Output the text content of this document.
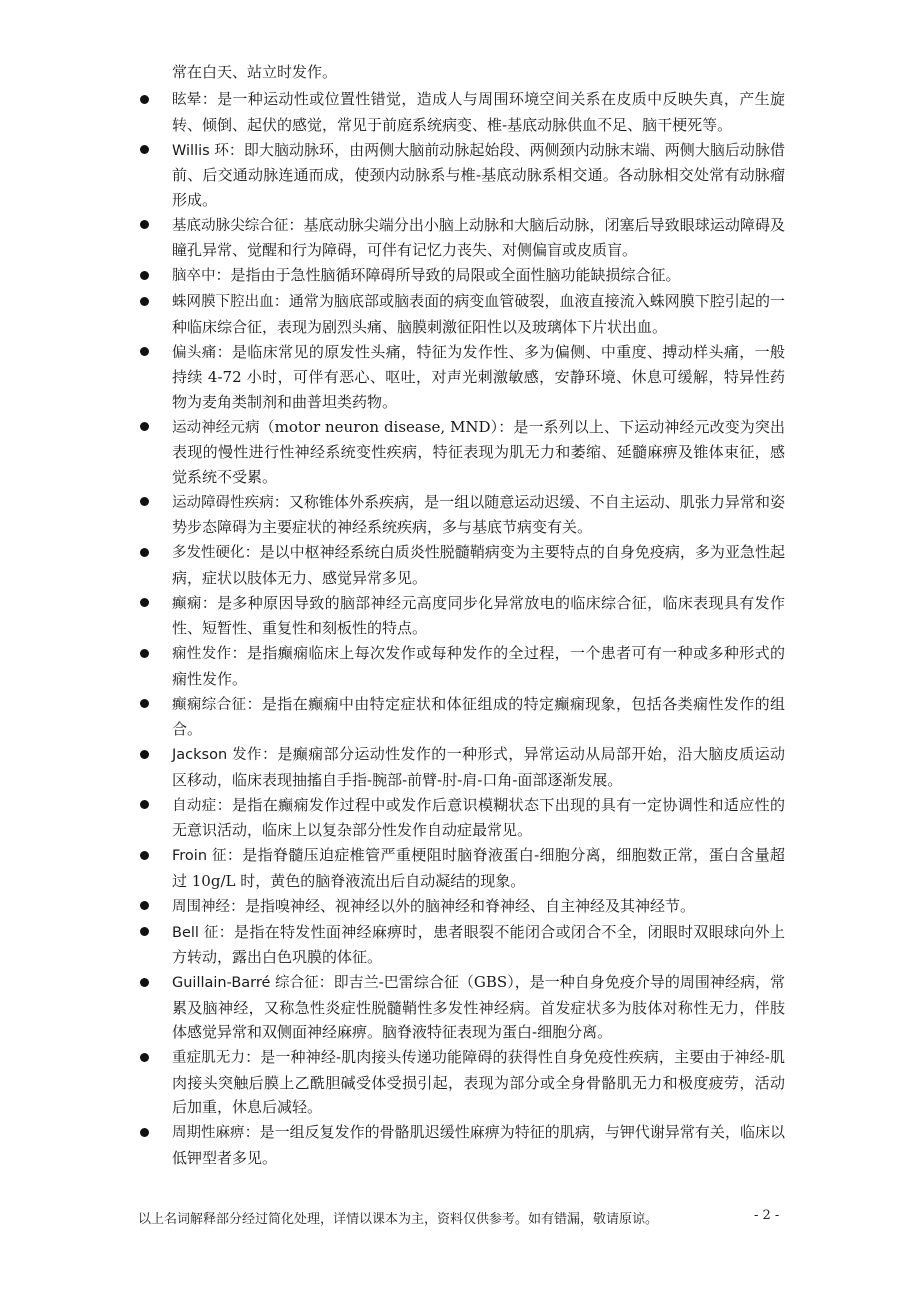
常在白天、站立时发作。
眩晕：是一种运动性或位置性错觉，造成人与周围环境空间关系在皮质中反映失真，产生旋转、倾倒、起伏的感觉，常见于前庭系统病变、椎-基底动脉供血不足、脑干梗死等。
Willis 环：即大脑动脉环，由两侧大脑前动脉起始段、两侧颈内动脉末端、两侧大脑后动脉借前、后交通动脉连通而成，使颈内动脉系与椎-基底动脉系相交通。各动脉相交处常有动脉瘤形成。
基底动脉尖综合征：基底动脉尖端分出小脑上动脉和大脑后动脉，闭塞后导致眼球运动障碍及瞳孔异常、觉醒和行为障碍，可伴有记忆力丧失、对侧偏盲或皮质盲。
脑卒中：是指由于急性脑循环障碍所导致的局限或全面性脑功能缺损综合征。
蛛网膜下腔出血：通常为脑底部或脑表面的病变血管破裂，血液直接流入蛛网膜下腔引起的一种临床综合征，表现为剧烈头痛、脑膜刺激征阳性以及玻璃体下片状出血。
偏头痛：是临床常见的原发性头痛，特征为发作性、多为偏侧、中重度、搏动样头痛，一般持续 4-72 小时，可伴有恶心、呕吐，对声光刺激敏感，安静环境、休息可缓解，特异性药物为麦角类制剂和曲普坦类药物。
运动神经元病（motor neuron disease, MND）：是一系列以上、下运动神经元改变为突出表现的慢性进行性神经系统变性疾病，特征表现为肌无力和萎缩、延髓麻痹及锥体束征，感觉系统不受累。
运动障碍性疾病：又称锥体外系疾病，是一组以随意运动迟缓、不自主运动、肌张力异常和姿势步态障碍为主要症状的神经系统疾病，多与基底节病变有关。
多发性硬化：是以中枢神经系统白质炎性脱髓鞘病变为主要特点的自身免疫病，多为亚急性起病，症状以肢体无力、感觉异常多见。
癫痫：是多种原因导致的脑部神经元高度同步化异常放电的临床综合征，临床表现具有发作性、短暂性、重复性和刻板性的特点。
痫性发作：是指癫痫临床上每次发作或每种发作的全过程，一个患者可有一种或多种形式的痫性发作。
癫痫综合征：是指在癫痫中由特定症状和体征组成的特定癫痫现象，包括各类痫性发作的组合。
Jackson 发作：是癫痫部分运动性发作的一种形式，异常运动从局部开始，沿大脑皮质运动区移动，临床表现抽搐自手指-腕部-前臂-肘-肩-口角-面部逐渐发展。
自动症：是指在癫痫发作过程中或发作后意识模糊状态下出现的具有一定协调性和适应性的无意识活动，临床上以复杂部分性发作自动症最常见。
Froin 征：是指脊髓压迫症椎管严重梗阻时脑脊液蛋白-细胞分离，细胞数正常，蛋白含量超过 10g/L 时，黄色的脑脊液流出后自动凝结的现象。
周围神经：是指嗅神经、视神经以外的脑神经和脊神经、自主神经及其神经节。
Bell 征：是指在特发性面神经麻痹时，患者眼裂不能闭合或闭合不全，闭眼时双眼球向外上方转动，露出白色巩膜的体征。
Guillain-Barré 综合征：即吉兰-巴雷综合征（GBS），是一种自身免疫介导的周围神经病，常累及脑神经，又称急性炎症性脱髓鞘性多发性神经病。首发症状多为肢体对称性无力，伴肢体感觉异常和双侧面神经麻痹。脑脊液特征表现为蛋白-细胞分离。
重症肌无力：是一种神经-肌肉接头传递功能障碍的获得性自身免疫性疾病，主要由于神经-肌肉接头突触后膜上乙酰胆碱受体受损引起，表现为部分或全身骨骼肌无力和极度疲劳，活动后加重，休息后减轻。
周期性麻痹：是一组反复发作的骨骼肌迟缓性麻痹为特征的肌病，与钾代谢异常有关，临床以低钾型者多见。
以上名词解释部分经过简化处理，详情以课本为主，资料仅供参考。如有错漏，敬请原谅。	- 2 -
